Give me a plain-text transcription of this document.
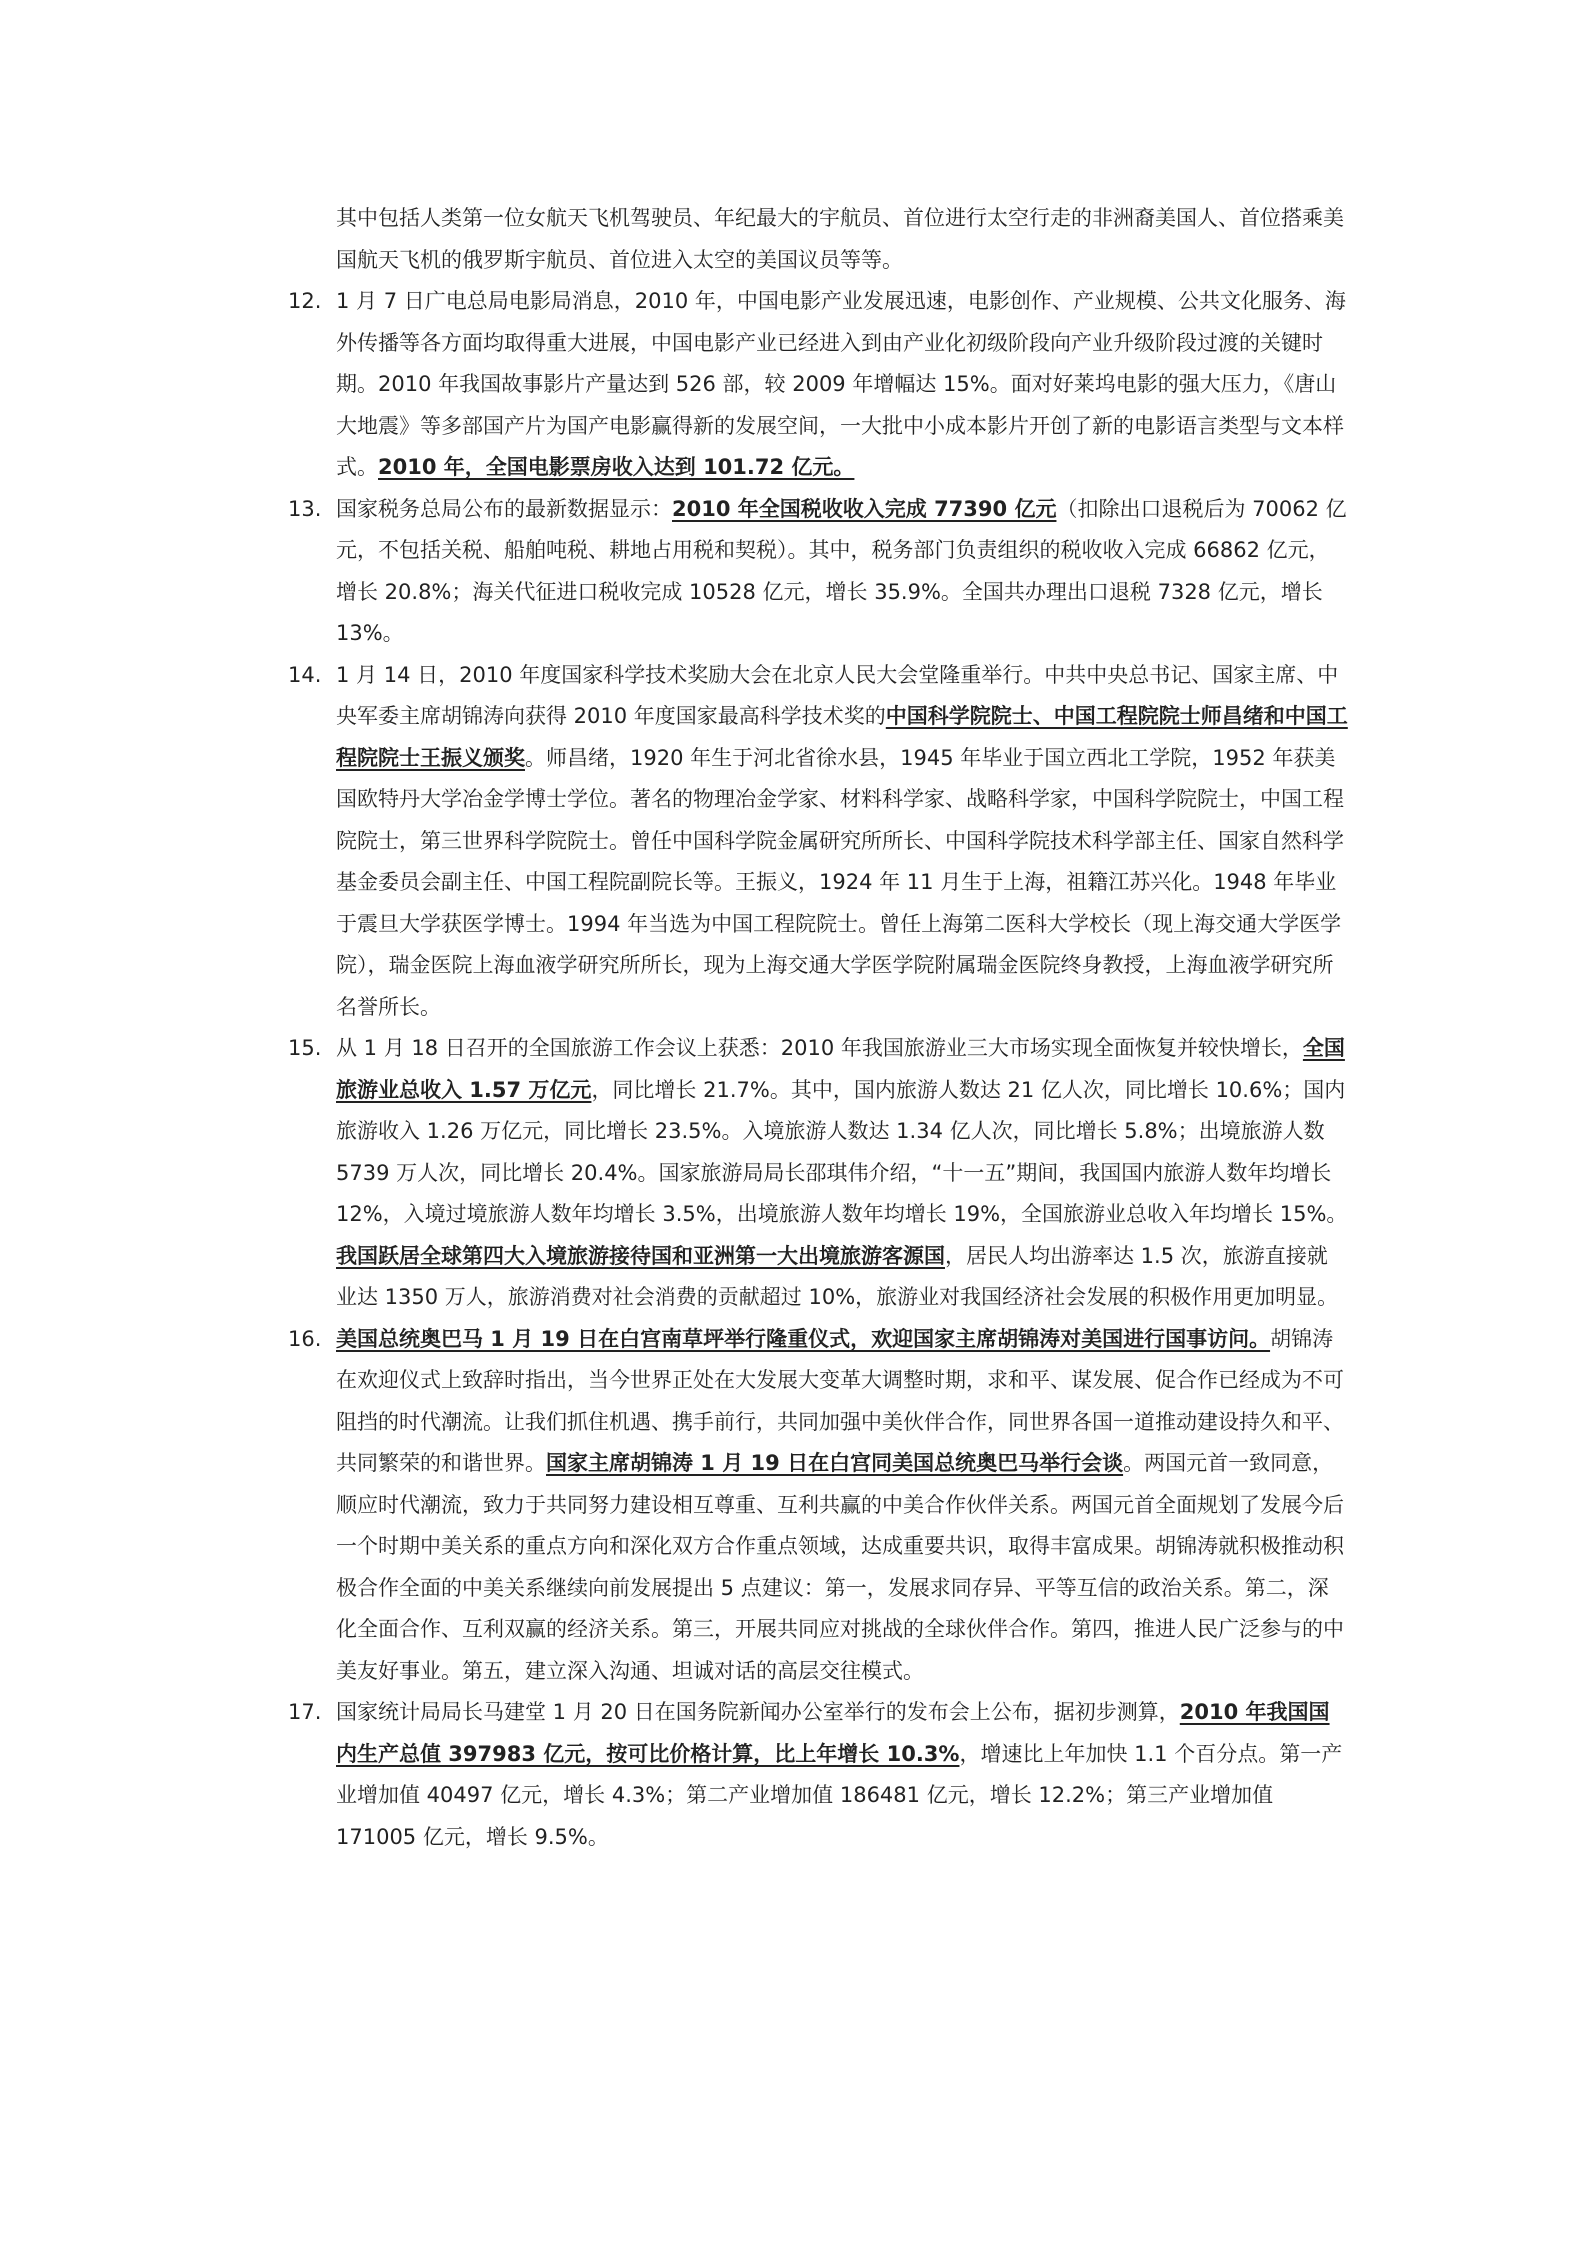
其中包括人类第一位女航天飞机驾驶员、年纪最大的宇航员、首位进行太空行走的非洲裔美国人、首位搭乘美国航天飞机的俄罗斯宇航员、首位进入太空的美国议员等等。

12. 1 月 7 日广电总局电影局消息，2010 年，中国电影产业发展迅速，电影创作、产业规模、公共文化服务、海外传播等各方面均取得重大进展，中国电影产业已经进入到由产业化初级阶段向产业升级阶段过渡的关键时期。2010 年我国故事影片产量达到 526 部，较 2009 年增幅达 15%。面对好莱坞电影的强大压力，《唐山大地震》等多部国产片为国产电影赢得新的发展空间，一大批中小成本影片开创了新的电影语言类型与文本样式。2010 年，全国电影票房收入达到 101.72 亿元。

13. 国家税务总局公布的最新数据显示：2010 年全国税收收入完成 77390 亿元（扣除出口退税后为 70062 亿元，不包括关税、船舶吨税、耕地占用税和契税）。其中，税务部门负责组织的税收收入完成 66862 亿元，增长 20.8%；海关代征进口税收完成 10528 亿元，增长 35.9%。全国共办理出口退税 7328 亿元，增长 13%。

14. 1 月 14 日，2010 年度国家科学技术奖励大会在北京人民大会堂隆重举行。中共中央总书记、国家主席、中央军委主席胡锦涛向获得 2010 年度国家最高科学技术奖的中国科学院院士、中国工程院院士师昌绪和中国工程院院士王振义颁奖。师昌绪，1920 年生于河北省徐水县，1945 年毕业于国立西北工学院，1952 年获美国欧特丹大学冶金学博士学位。著名的物理冶金学家、材料科学家、战略科学家，中国科学院院士，中国工程院院士，第三世界科学院院士。曾任中国科学院金属研究所所长、中国科学院技术科学部主任、国家自然科学基金委员会副主任、中国工程院副院长等。王振义，1924 年 11 月生于上海，祖籍江苏兴化。1948 年毕业于震旦大学获医学博士。1994 年当选为中国工程院院士。曾任上海第二医科大学校长（现上海交通大学医学院），瑞金医院上海血液学研究所所长，现为上海交通大学医学院附属瑞金医院终身教授，上海血液学研究所名誉所长。

15. 从 1 月 18 日召开的全国旅游工作会议上获悉：2010 年我国旅游业三大市场实现全面恢复并较快增长，全国旅游业总收入 1.57 万亿元，同比增长 21.7%。其中，国内旅游人数达 21 亿人次，同比增长 10.6%；国内旅游收入 1.26 万亿元，同比增长 23.5%。入境旅游人数达 1.34 亿人次，同比增长 5.8%；出境旅游人数 5739 万人次，同比增长 20.4%。国家旅游局局长邵琪伟介绍，“十一五”期间，我国国内旅游人数年均增长 12%，入境过境旅游人数年均增长 3.5%，出境旅游人数年均增长 19%，全国旅游业总收入年均增长 15%。我国跃居全球第四大入境旅游接待国和亚洲第一大出境旅游客源国，居民人均出游率达 1.5 次，旅游直接就业达 1350 万人，旅游消费对社会消费的贡献超过 10%，旅游业对我国经济社会发展的积极作用更加明显。

16. 美国总统奥巴马 1 月 19 日在白宫南草坪举行隆重仪式，欢迎国家主席胡锦涛对美国进行国事访问。胡锦涛在欢迎仪式上致辞时指出，当今世界正处在大发展大变革大调整时期，求和平、谋发展、促合作已经成为不可阻挡的时代潮流。让我们抓住机遇、携手前行，共同加强中美伙伴合作，同世界各国一道推动建设持久和平、共同繁荣的和谐世界。国家主席胡锦涛 1 月 19 日在白宫同美国总统奥巴马举行会谈。两国元首一致同意，顺应时代潮流，致力于共同努力建设相互尊重、互利共赢的中美合作伙伴关系。两国元首全面规划了发展今后一个时期中美关系的重点方向和深化双方合作重点领域，达成重要共识，取得丰富成果。胡锦涛就积极推动积极合作全面的中美关系继续向前发展提出 5 点建议：第一，发展求同存异、平等互信的政治关系。第二，深化全面合作、互利双赢的经济关系。第三，开展共同应对挑战的全球伙伴合作。第四，推进人民广泛参与的中美友好事业。第五，建立深入沟通、坦诚对话的高层交往模式。

17. 国家统计局局长马建堂 1 月 20 日在国务院新闻办公室举行的发布会上公布，据初步测算，2010 年我国国内生产总值 397983 亿元，按可比价格计算，比上年增长 10.3%，增速比上年加快 1.1 个百分点。第一产业增加值 40497 亿元，增长 4.3%；第二产业增加值 186481 亿元，增长 12.2%；第三产业增加值 171005 亿元，增长 9.5%。
